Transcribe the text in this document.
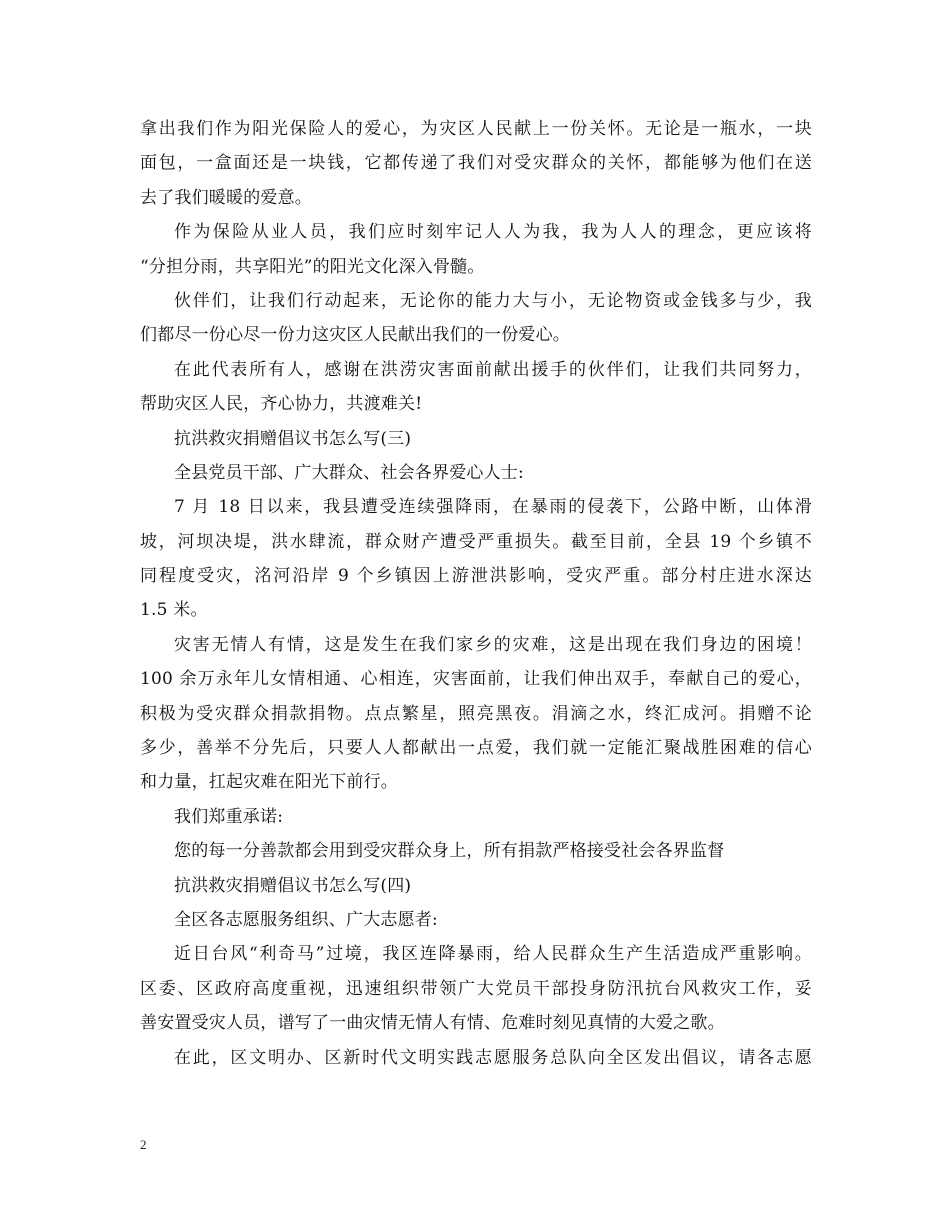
拿出我们作为阳光保险人的爱心，为灾区人民献上一份关怀。无论是一瓶水，一块
面包，一盒面还是一块钱，它都传递了我们对受灾群众的关怀，都能够为他们在送
去了我们暖暖的爱意。
作为保险从业人员，我们应时刻牢记人人为我，我为人人的理念，更应该将
“分担分雨，共享阳光”的阳光文化深入骨髓。
伙伴们，让我们行动起来，无论你的能力大与小，无论物资或金钱多与少，我
们都尽一份心尽一份力这灾区人民献出我们的一份爱心。
在此代表所有人，感谢在洪涝灾害面前献出援手的伙伴们，让我们共同努力，
帮助灾区人民，齐心协力，共渡难关!
抗洪救灾捐赠倡议书怎么写(三)
全县党员干部、广大群众、社会各界爱心人士:
7 月 18 日以来，我县遭受连续强降雨，在暴雨的侵袭下，公路中断，山体滑
坡，河坝决堤，洪水肆流，群众财产遭受严重损失。截至目前，全县 19 个乡镇不
同程度受灾，洺河沿岸 9 个乡镇因上游泄洪影响，受灾严重。部分村庄进水深达
1.5 米。
灾害无情人有情，这是发生在我们家乡的灾难，这是出现在我们身边的困境！
100 余万永年儿女情相通、心相连，灾害面前，让我们伸出双手，奉献自己的爱心，
积极为受灾群众捐款捐物。点点繁星，照亮黑夜。涓滴之水，终汇成河。捐赠不论
多少，善举不分先后，只要人人都献出一点爱，我们就一定能汇聚战胜困难的信心
和力量，扛起灾难在阳光下前行。
我们郑重承诺:
您的每一分善款都会用到受灾群众身上，所有捐款严格接受社会各界监督
抗洪救灾捐赠倡议书怎么写(四)
全区各志愿服务组织、广大志愿者:
近日台风“利奇马”过境，我区连降暴雨，给人民群众生产生活造成严重影响。
区委、区政府高度重视，迅速组织带领广大党员干部投身防汛抗台风救灾工作，妥
善安置受灾人员，谱写了一曲灾情无情人有情、危难时刻见真情的大爱之歌。
在此，区文明办、区新时代文明实践志愿服务总队向全区发出倡议，请各志愿
2
